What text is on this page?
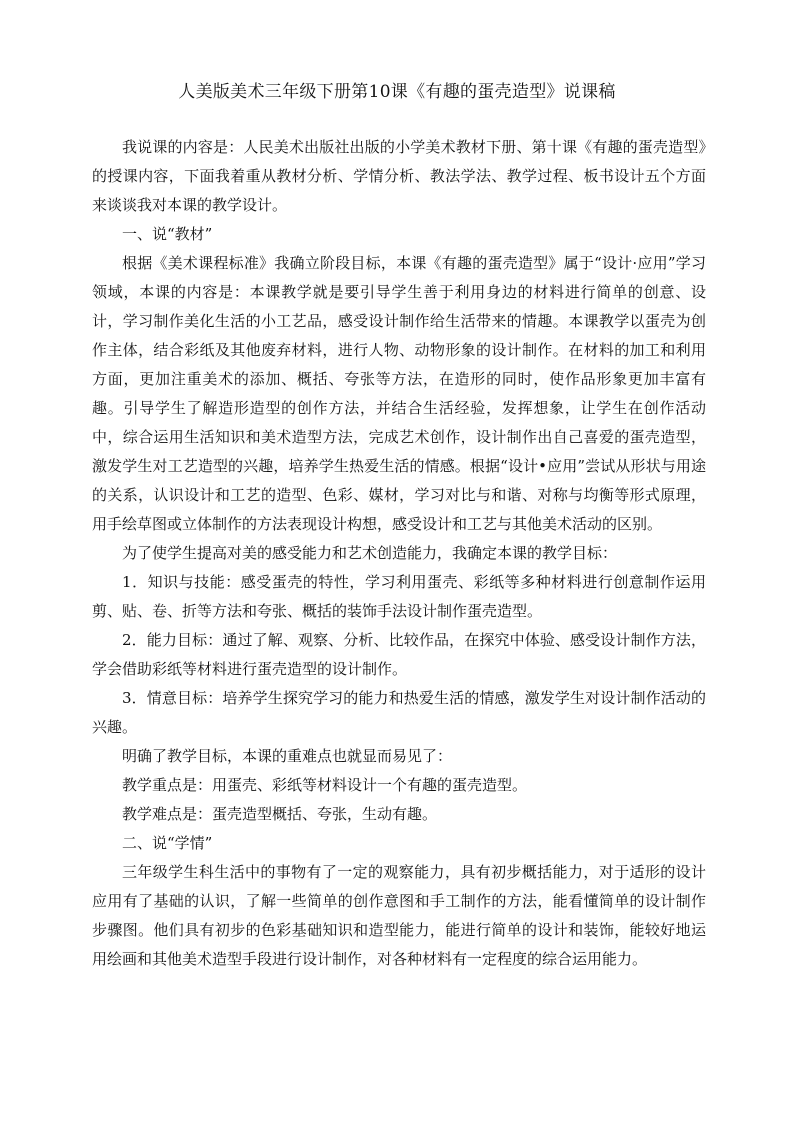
人美版美术三年级下册第10课《有趣的蛋壳造型》说课稿

我说课的内容是：人民美术出版社出版的小学美术教材下册、第十课《有趣的蛋壳造型》的授课内容，下面我着重从教材分析、学情分析、教法学法、教学过程、板书设计五个方面来谈谈我对本课的教学设计。

一、说“教材”

根据《美术课程标准》我确立阶段目标，本课《有趣的蛋壳造型》属于“设计·应用”学习领域，本课的内容是：本课教学就是要引导学生善于利用身边的材料进行简单的创意、设计，学习制作美化生活的小工艺品，感受设计制作给生活带来的情趣。本课教学以蛋壳为创作主体，结合彩纸及其他废弃材料，进行人物、动物形象的设计制作。在材料的加工和利用方面，更加注重美术的添加、概括、夸张等方法，在造形的同时，使作品形象更加丰富有趣。引导学生了解造形造型的创作方法，并结合生活经验，发挥想象，让学生在创作活动中，综合运用生活知识和美术造型方法，完成艺术创作，设计制作出自己喜爱的蛋壳造型，激发学生对工艺造型的兴趣，培养学生热爱生活的情感。根据“设计•应用”尝试从形状与用途的关系，认识设计和工艺的造型、色彩、媒材，学习对比与和谐、对称与均衡等形式原理，用手绘草图或立体制作的方法表现设计构想，感受设计和工艺与其他美术活动的区别。

为了使学生提高对美的感受能力和艺术创造能力，我确定本课的教学目标：

1．知识与技能：感受蛋壳的特性，学习利用蛋壳、彩纸等多种材料进行创意制作运用剪、贴、卷、折等方法和夸张、概括的装饰手法设计制作蛋壳造型。

2．能力目标：通过了解、观察、分析、比较作品，在探究中体验、感受设计制作方法，学会借助彩纸等材料进行蛋壳造型的设计制作。

3．情意目标：培养学生探究学习的能力和热爱生活的情感，激发学生对设计制作活动的兴趣。

明确了教学目标，本课的重难点也就显而易见了：

教学重点是：用蛋壳、彩纸等材料设计一个有趣的蛋壳造型。

教学难点是：蛋壳造型概括、夸张，生动有趣。

二、说“学情”

三年级学生科生活中的事物有了一定的观察能力，具有初步概括能力，对于适形的设计应用有了基础的认识，了解一些简单的创作意图和手工制作的方法，能看懂简单的设计制作步骤图。他们具有初步的色彩基础知识和造型能力，能进行简单的设计和装饰，能较好地运用绘画和其他美术造型手段进行设计制作，对各种材料有一定程度的综合运用能力。
